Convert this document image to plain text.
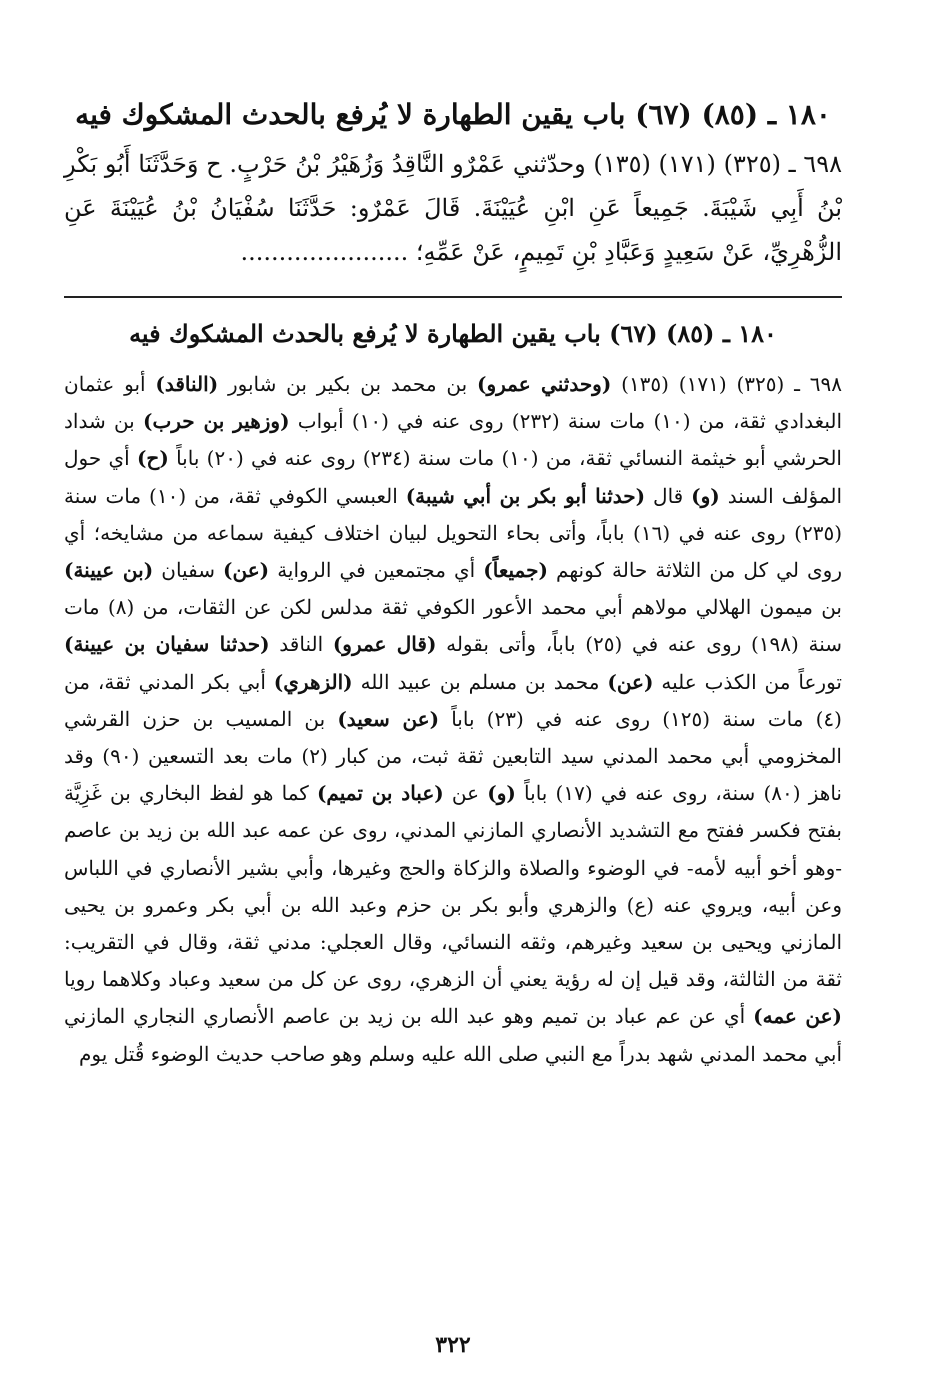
١٨٠ ـ (٨٥) (٦٧) باب يقين الطهارة لا يُرفع بالحدث المشكوك فيه

٦٩٨ ـ (٣٢٥) (١٧١) (١٣٥) وحدّثني عَمْرٌو النَّاقِدُ وَزُهَيْرُ بْنُ حَرْبٍ. ح وَحَدَّثَنَا أَبُو بَكْرِ بْنُ أَبِي شَيْبَةَ. جَمِيعاً عَنِ ابْنِ عُيَيْنَةَ. قَالَ عَمْرٌو: حَدَّثَنَا سُفْيَانُ بْنُ عُيَيْنَةَ عَنِ الزُّهْرِيِّ، عَنْ سَعِيدٍ وَعَبَّادِ بْنِ تَمِيمٍ، عَنْ عَمِّهِ؛ ......................

١٨٠ ـ (٨٥) (٦٧) باب يقين الطهارة لا يُرفع بالحدث المشكوك فيه

٦٩٨ ـ (٣٢٥) (١٧١) (١٣٥) (وحدثني عمرو) بن محمد بن بكير بن شابور (الناقد) أبو عثمان البغدادي ثقة، من (١٠) مات سنة (٢٣٢) روى عنه في (١٠) أبواب (وزهير بن حرب) بن شداد الحرشي أبو خيثمة النسائي ثقة، من (١٠) مات سنة (٢٣٤) روى عنه في (٢٠) باباً (ح) أي حول المؤلف السند (و) قال (حدثنا أبو بكر بن أبي شيبة) العبسي الكوفي ثقة، من (١٠) مات سنة (٢٣٥) روى عنه في (١٦) باباً، وأتى بحاء التحويل لبيان اختلاف كيفية سماعه من مشايخه؛ أي روى لي كل من الثلاثة حالة كونهم (جميعاً) أي مجتمعين في الرواية (عن) سفيان (بن عيينة) بن ميمون الهلالي مولاهم أبي محمد الأعور الكوفي ثقة مدلس لكن عن الثقات، من (٨) مات سنة (١٩٨) روى عنه في (٢٥) باباً، وأتى بقوله (قال عمرو) الناقد (حدثنا سفيان بن عيينة) تورعاً من الكذب عليه (عن) محمد بن مسلم بن عبيد الله (الزهري) أبي بكر المدني ثقة، من (٤) مات سنة (١٢٥) روى عنه في (٢٣) باباً (عن سعيد) بن المسيب بن حزن القرشي المخزومي أبي محمد المدني سيد التابعين ثقة ثبت، من كبار (٢) مات بعد التسعين (٩٠) وقد ناهز (٨٠) سنة، روى عنه في (١٧) باباً (و) عن (عباد بن تميم) كما هو لفظ البخاري بن غَزِيَّة بفتح فكسر ففتح مع التشديد الأنصاري المازني المدني، روى عن عمه عبد الله بن زيد بن عاصم -وهو أخو أبيه لأمه- في الوضوء والصلاة والزكاة والحج وغيرها، وأبي بشير الأنصاري في اللباس وعن أبيه، ويروي عنه (ع) والزهري وأبو بكر بن حزم وعبد الله بن أبي بكر وعمرو بن يحيى المازني ويحيى بن سعيد وغيرهم، وثقه النسائي، وقال العجلي: مدني ثقة، وقال في التقريب: ثقة من الثالثة، وقد قيل إن له رؤية يعني أن الزهري، روى عن كل من سعيد وعباد وكلاهما رويا (عن عمه) أي عن عم عباد بن تميم وهو عبد الله بن زيد بن عاصم الأنصاري النجاري المازني أبي محمد المدني شهد بدراً مع النبي صلى الله عليه وسلم وهو صاحب حديث الوضوء قُتل يوم

٣٢٢
